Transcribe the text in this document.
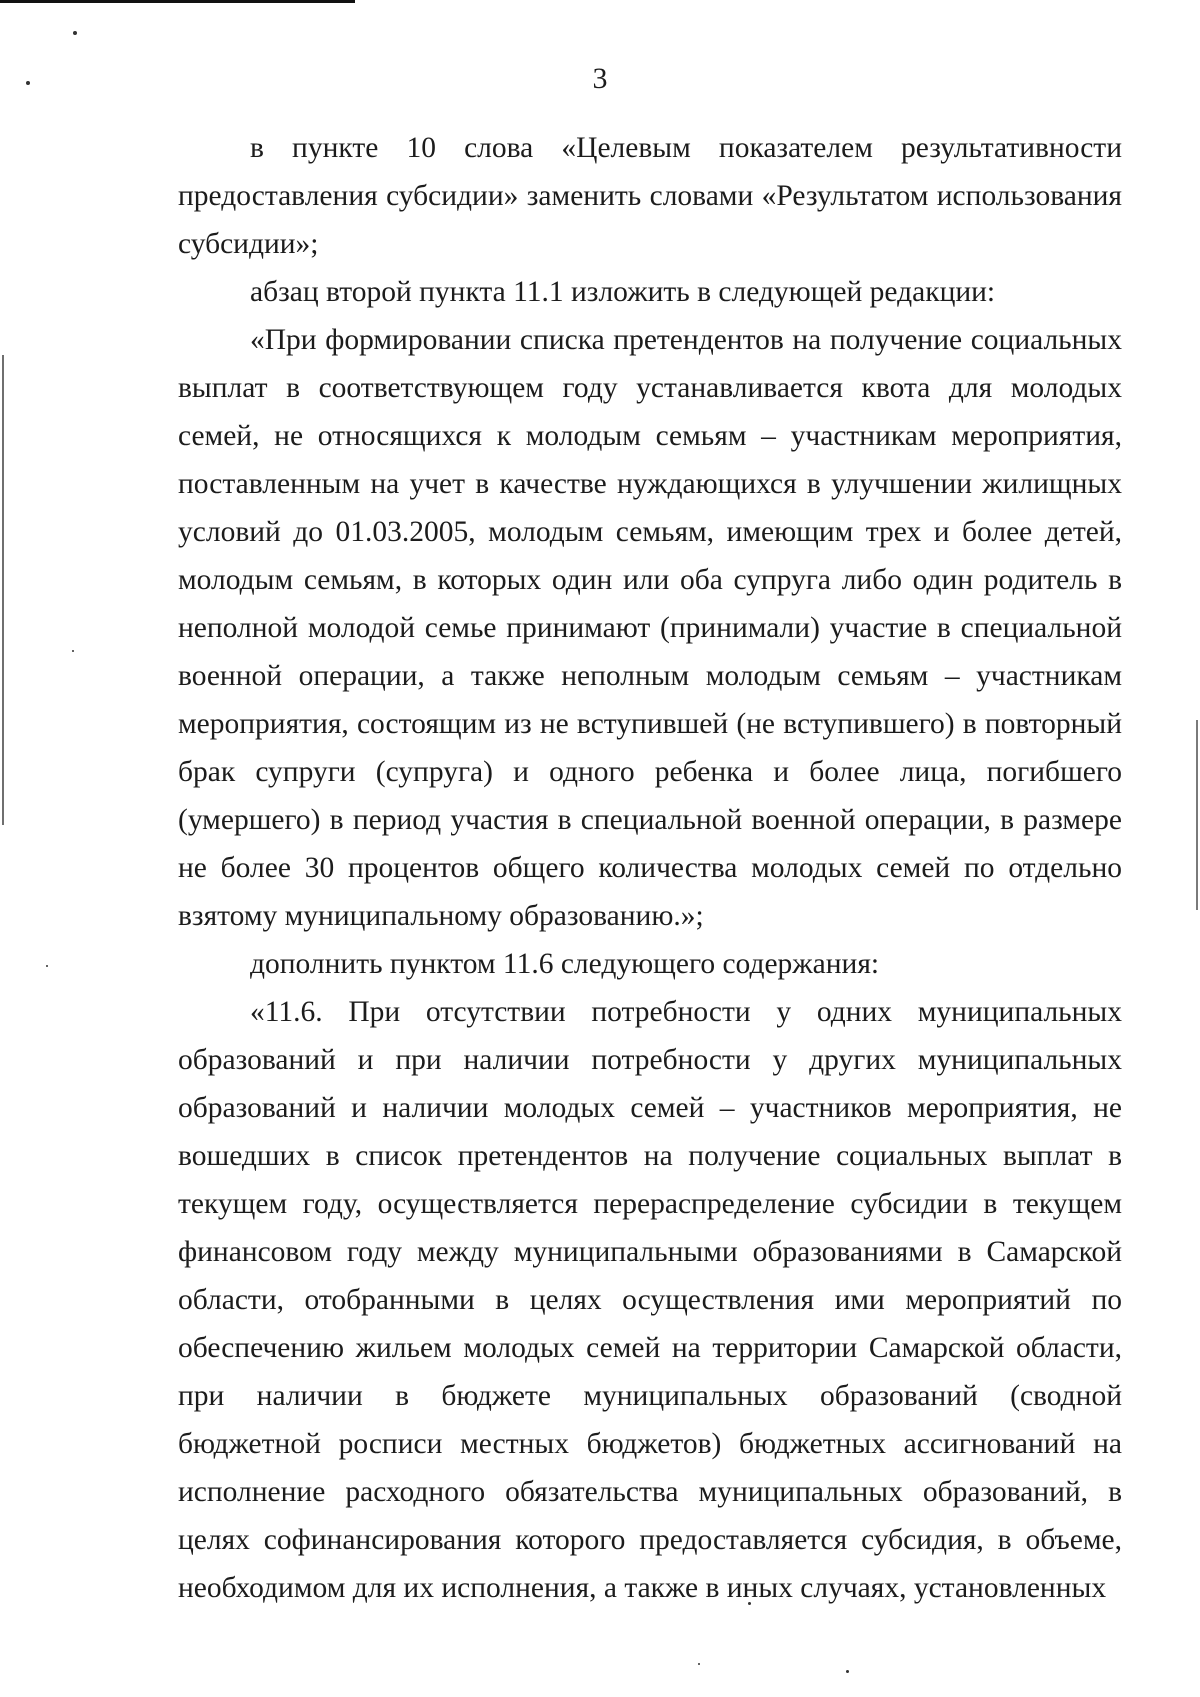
3

в пункте 10 слова «Целевым показателем результативности предоставления субсидии» заменить словами «Результатом использования субсидии»;

абзац второй пункта 11.1 изложить в следующей редакции:

«При формировании списка претендентов на получение социальных выплат в соответствующем году устанавливается квота для молодых семей, не относящихся к молодым семьям – участникам мероприятия, поставленным на учет в качестве нуждающихся в улучшении жилищных условий до 01.03.2005, молодым семьям, имеющим трех и более детей, молодым семьям, в которых один или оба супруга либо один родитель в неполной молодой семье принимают (принимали) участие в специальной военной операции, а также неполным молодым семьям – участникам мероприятия, состоящим из не вступившей (не вступившего) в повторный брак супруги (супруга) и одного ребенка и более лица, погибшего (умершего) в период участия в специальной военной операции, в размере не более 30 процентов общего количества молодых семей по отдельно взятому муниципальному образованию.»;

дополнить пунктом 11.6 следующего содержания:

«11.6. При отсутствии потребности у одних муниципальных образований и при наличии потребности у других муниципальных образований и наличии молодых семей – участников мероприятия, не вошедших в список претендентов на получение социальных выплат в текущем году, осуществляется перераспределение субсидии в текущем финансовом году между муниципальными образованиями в Самарской области, отобранными в целях осуществления ими мероприятий по обеспечению жильем молодых семей на территории Самарской области, при наличии в бюджете муниципальных образований (сводной бюджетной росписи местных бюджетов) бюджетных ассигнований на исполнение расходного обязательства муниципальных образований, в целях софинансирования которого предоставляется субсидия, в объеме, необходимом для их исполнения, а также в иных случаях, установленных
